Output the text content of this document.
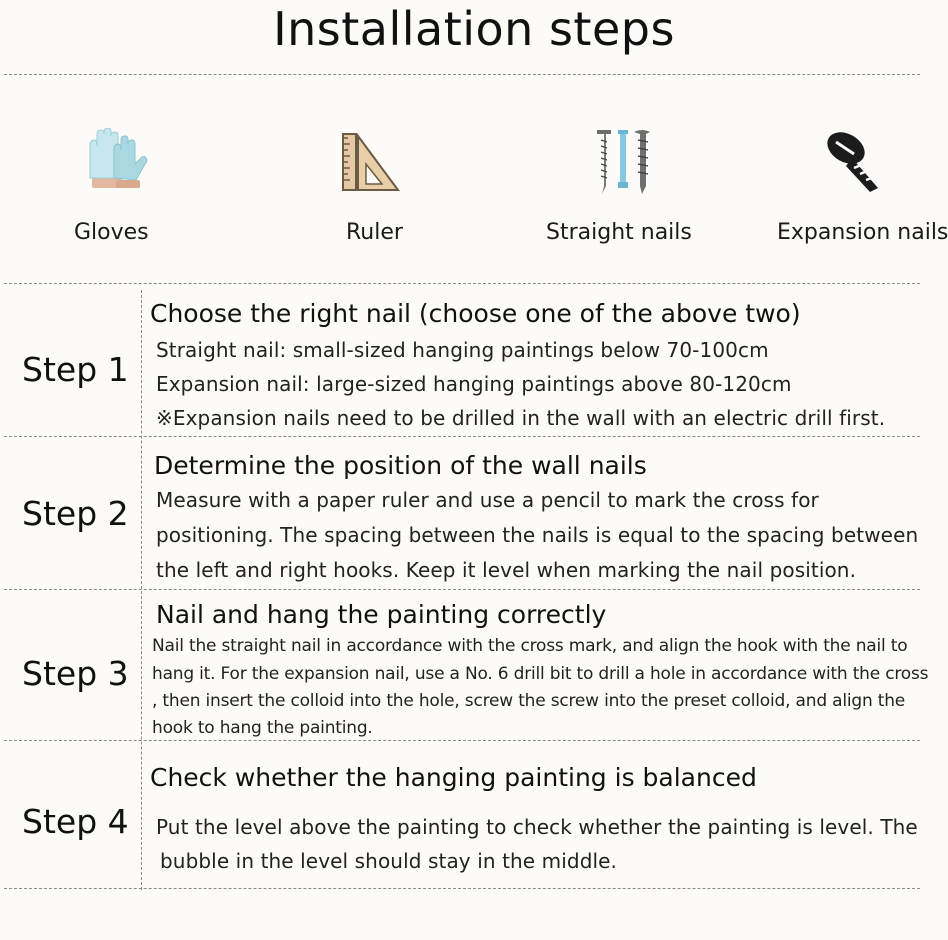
Installation steps
Gloves	Ruler	Straight nails	Expansion nails
Step 1
Choose the right nail (choose one of the above two)
Straight nail: small-sized hanging paintings below 70-100cm
Expansion nail: large-sized hanging paintings above 80-120cm
※Expansion nails need to be drilled in the wall with an electric drill first.
Step 2
Determine the position of the wall nails
Measure with a paper ruler and use a pencil to mark the cross for
positioning. The spacing between the nails is equal to the spacing between
the left and right hooks. Keep it level when marking the nail position.
Step 3
Nail and hang the painting correctly
Nail the straight nail in accordance with the cross mark, and align the hook with the nail to
hang it. For the expansion nail, use a No. 6 drill bit to drill a hole in accordance with the cross
, then insert the colloid into the hole, screw the screw into the preset colloid, and align the
hook to hang the painting.
Step 4
Check whether the hanging painting is balanced
Put the level above the painting to check whether the painting is level. The
bubble in the level should stay in the middle.
